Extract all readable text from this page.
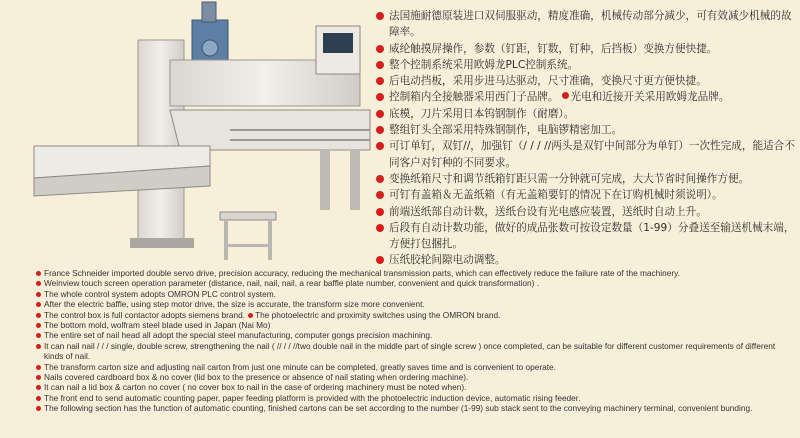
法国施耐德原装进口双伺服驱动，精度准确，机械传动部分减少，可有效减少机械的故障率。
威纶触摸屏操作，参数（钉距，钉数，钉种，后挡板）变换方便快捷。
整个控制系统采用欧姆龙PLC控制系统。
后电动挡板，采用步进马达驱动，尺寸准确，变换尺寸更方便快捷。
控制箱内全接触器采用西门子品牌。 光电和近接开关采用欧姆龙品牌。
底模，刀片采用日本钨钢制作（耐磨）。
整组钉头全部采用特殊钢制作，电脑锣精密加工。
可订单钉，双钉//，加强钉（/ / / //两头是双钉中间部分为单钉）一次性完成，能适合不同客户对钉种的不同要求。
变换纸箱尺寸和调节纸箱钉距只需一分钟就可完成，大大节省时间操作方便。
可钉有盖箱＆无盖纸箱（有无盖箱要钉的情况下在订购机械时须说明）。
前端送纸部自动计数，送纸台设有光电感应装置，送纸时自动上升。
后段有自动计数功能，做好的成品张数可按设定数量（1-99）分叠送至输送机械末端，方便打包捆扎。
压纸胶轮间隙电动调整。
France Schneider imported double servo drive, precision accuracy, reducing the mechanical transmission parts, which can effectively reduce the failure rate of the machinery.
Weinview touch screen operation parameter (distance, nail, nail, nail, a rear baffle plate number, convenient and quick transformation) .
The whole control system adopts OMRON PLC control system.
After the electric baffle, using step motor drive, the size is accurate, the transform size more convenient.
The control box is full contactor adopts siemens brand. The photoelectric and proximity switches using the OMRON brand.
The bottom mold, wolfram steel blade used in Japan (Nai Mo)
The entire set of nail head all adopt the special steel manufacturing, computer gongs precision machining.
It can nail nail / / / single, double screw, strengthening the nail ( // / / //two double nail in the middle part of single screw ) once completed, can be suitable for different customer requirements of different kinds of nail.
The transform carton size and adjusting nail carton from just one minute can be completed, greatly saves time and is convenient to operate.
Nails covered cardboard box & no cover (lid box to the presence or absence of nail stating when ordering machine).
It can nail a lid box & carton no cover ( no cover box to nail in the case of ordering machinery must be noted when).
The front end to send automatic counting paper, paper feeding platform is provided with the photoelectric induction device, automatic rising feeder.
The following section has the function of automatic counting, finished cartons can be set according to the number (1-99) sub stack sent to the conveying machinery terminal, convenient bunding.
